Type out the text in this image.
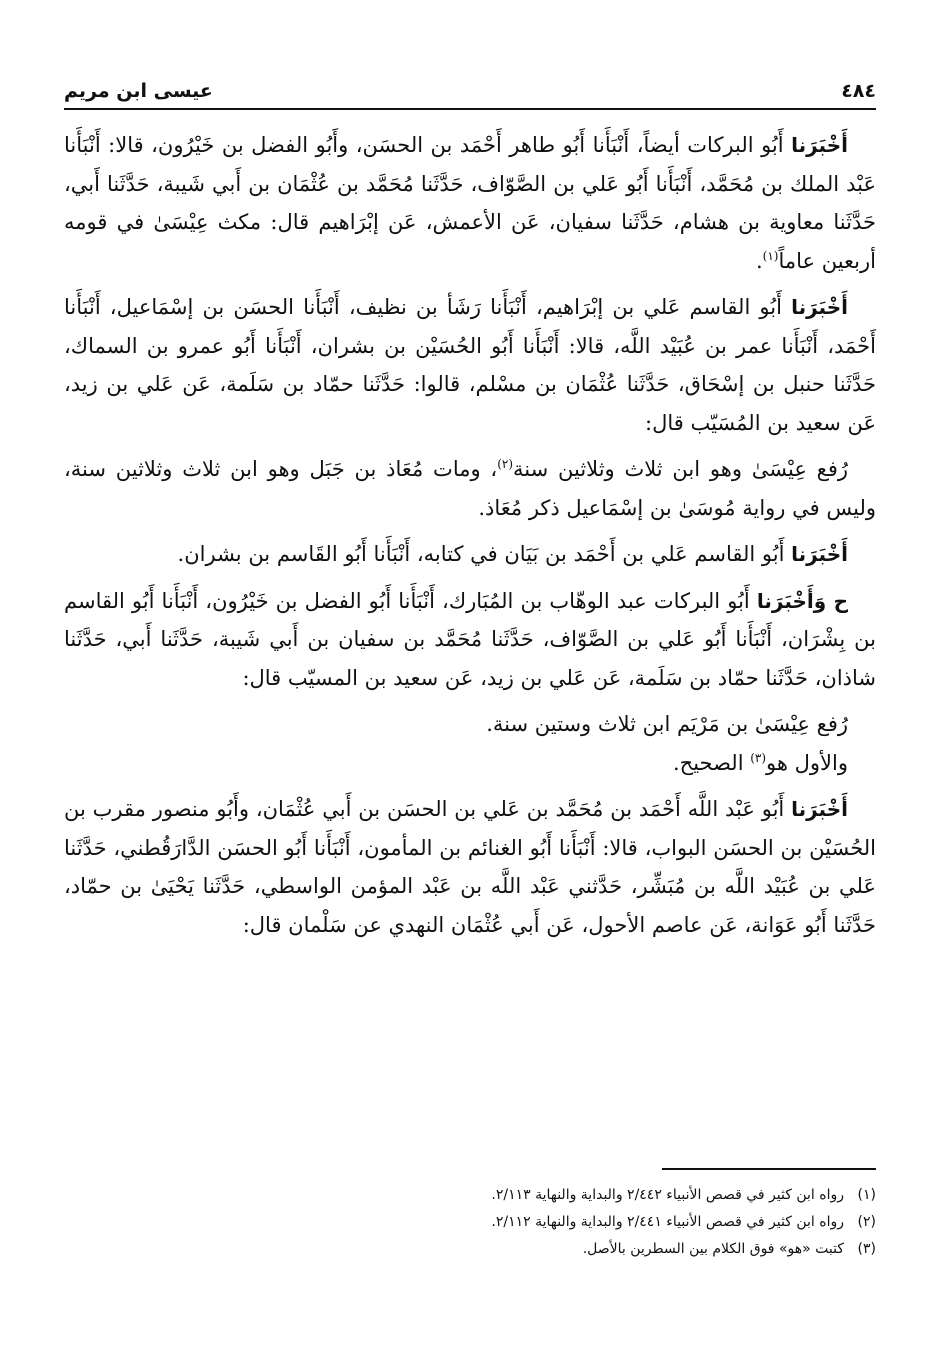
٤٨٤
عيسى ابن مريم

أَخْبَرَنا أَبُو البركات أيضاً، أَنْبَأَنا أَبُو طاهر أَحْمَد بن الحسَن، وأَبُو الفضل بن خَيْرُون، قالا: أَنْبَأَنا عَبْد الملك بن مُحَمَّد، أَنْبَأَنا أَبُو عَلي بن الصَّوّاف، حَدَّثَنا مُحَمَّد بن عُثْمَان بن أَبي شَيبة، حَدَّثَنا أَبي، حَدَّثَنا معاوية بن هشام، حَدَّثَنا سفيان، عَن الأعمش، عَن إبْرَاهيم قال: مكث عِيْسَىٰ في قومه أربعين عاماً$^{(١)}$.

أَخْبَرَنا أَبُو القاسم عَلي بن إبْرَاهيم، أَنْبَأَنا رَشَأ بن نظيف، أَنْبَأَنا الحسَن بن إسْمَاعيل، أَنْبَأَنا أَحْمَد، أَنْبَأَنا عمر بن عُبَيْد اللَّه، قالا: أَنْبَأَنا أَبُو الحُسَيْن بن بشران، أَنْبَأَنا أَبُو عمرو بن السماك، حَدَّثَنا حنبل بن إسْحَاق، حَدَّثَنا عُثْمَان بن مسْلم، قالوا: حَدَّثَنا حمّاد بن سَلَمة، عَن عَلي بن زيد، عَن سعيد بن المُسَيّب قال:

رُفع عِيْسَىٰ وهو ابن ثلاث وثلاثين سنة$^{(٢)}$، ومات مُعَاذ بن جَبَل وهو ابن ثلاث وثلاثين سنة، وليس في رواية مُوسَىٰ بن إسْمَاعيل ذكر مُعَاذ.

أَخْبَرَنا أَبُو القاسم عَلي بن أَحْمَد بن بَيَان في كتابه، أَنْبَأَنا أَبُو القَاسم بن بشران.

ح وَأَخْبَرَنا أَبُو البركات عبد الوهّاب بن المُبَارك، أَنْبَأَنا أَبُو الفضل بن خَيْرُون، أَنْبَأَنا أَبُو القاسم بن بِشْرَان، أَنْبَأَنا أَبُو عَلي بن الصَّوّاف، حَدَّثَنا مُحَمَّد بن سفيان بن أَبي شَيبة، حَدَّثَنا أَبي، حَدَّثَنا شاذان، حَدَّثَنا حمّاد بن سَلَمة، عَن عَلي بن زيد، عَن سعيد بن المسيّب قال:

رُفع عِيْسَىٰ بن مَرْيَم ابن ثلاث وستين سنة.

والأول هو$^{(٣)}$ الصحيح.

أَخْبَرَنا أَبُو عَبْد اللَّه أَحْمَد بن مُحَمَّد بن عَلي بن الحسَن بن أَبي عُثْمَان، وأَبُو منصور مقرب بن الحُسَيْن بن الحسَن البواب، قالا: أَنْبَأَنا أَبُو الغنائم بن المأمون، أَنْبَأَنا أَبُو الحسَن الدَّارَقُطني، حَدَّثَنا عَلي بن عُبَيْد اللَّه بن مُبَشِّر، حَدَّثني عَبْد اللَّه بن عَبْد المؤمن الواسطي، حَدَّثَنا يَحْيَىٰ بن حمّاد، حَدَّثَنا أَبُو عَوَانة، عَن عاصم الأحول، عَن أَبي عُثْمَان النهدي عن سَلْمان قال:

(١)
رواه ابن كثير في قصص الأنبياء ٢/٤٤٢ والبداية والنهاية ٢/١١٣.
(٢)
رواه ابن كثير في قصص الأنبياء ٢/٤٤١ والبداية والنهاية ٢/١١٢.
(٣)
كتبت «هو» فوق الكلام بين السطرين بالأصل.
